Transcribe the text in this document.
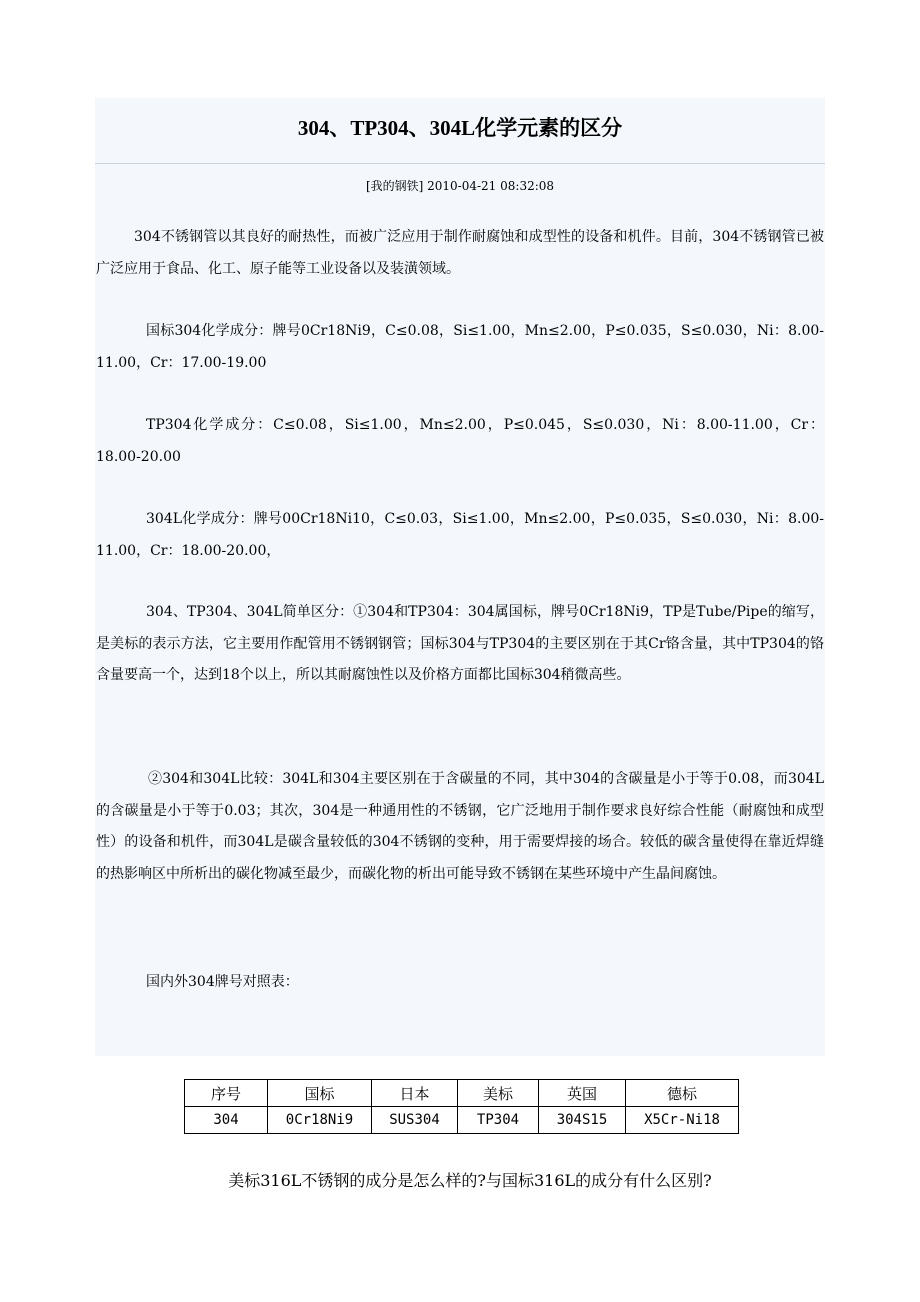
304、TP304、304L化学元素的区分
[我的钢铁] 2010-04-21 08:32:08

304不锈钢管以其良好的耐热性，而被广泛应用于制作耐腐蚀和成型性的设备和机件。目前，304不锈钢管已被广泛应用于食品、化工、原子能等工业设备以及装潢领域。

国标304化学成分：牌号0Cr18Ni9，C≤0.08，Si≤1.00，Mn≤2.00，P≤0.035，S≤0.030，Ni：8.00-11.00，Cr：17.00-19.00

TP304化学成分：C≤0.08，Si≤1.00，Mn≤2.00，P≤0.045，S≤0.030，Ni：8.00-11.00，Cr：18.00-20.00

304L化学成分：牌号00Cr18Ni10，C≤0.03，Si≤1.00，Mn≤2.00，P≤0.035，S≤0.030，Ni：8.00-11.00，Cr：18.00-20.00，

304、TP304、304L简单区分：①304和TP304：304属国标，牌号0Cr18Ni9，TP是Tube/Pipe的缩写，是美标的表示方法，它主要用作配管用不锈钢钢管；国标304与TP304的主要区别在于其Cr铬含量，其中TP304的铬含量要高一个，达到18个以上，所以其耐腐蚀性以及价格方面都比国标304稍微高些。

②304和304L比较：304L和304主要区别在于含碳量的不同，其中304的含碳量是小于等于0.08，而304L的含碳量是小于等于0.03；其次，304是一种通用性的不锈钢，它广泛地用于制作要求良好综合性能（耐腐蚀和成型性）的设备和机件，而304L是碳含量较低的304不锈钢的变种，用于需要焊接的场合。较低的碳含量使得在靠近焊缝的热影响区中所析出的碳化物减至最少，而碳化物的析出可能导致不锈钢在某些环境中产生晶间腐蚀。

国内外304牌号对照表：

序号	国标	日本	美标	英国	德标
304	0Cr18Ni9	SUS304	TP304	304S15	X5Cr-Ni18
美标316L不锈钢的成分是怎么样的?与国标316L的成分有什么区别?
